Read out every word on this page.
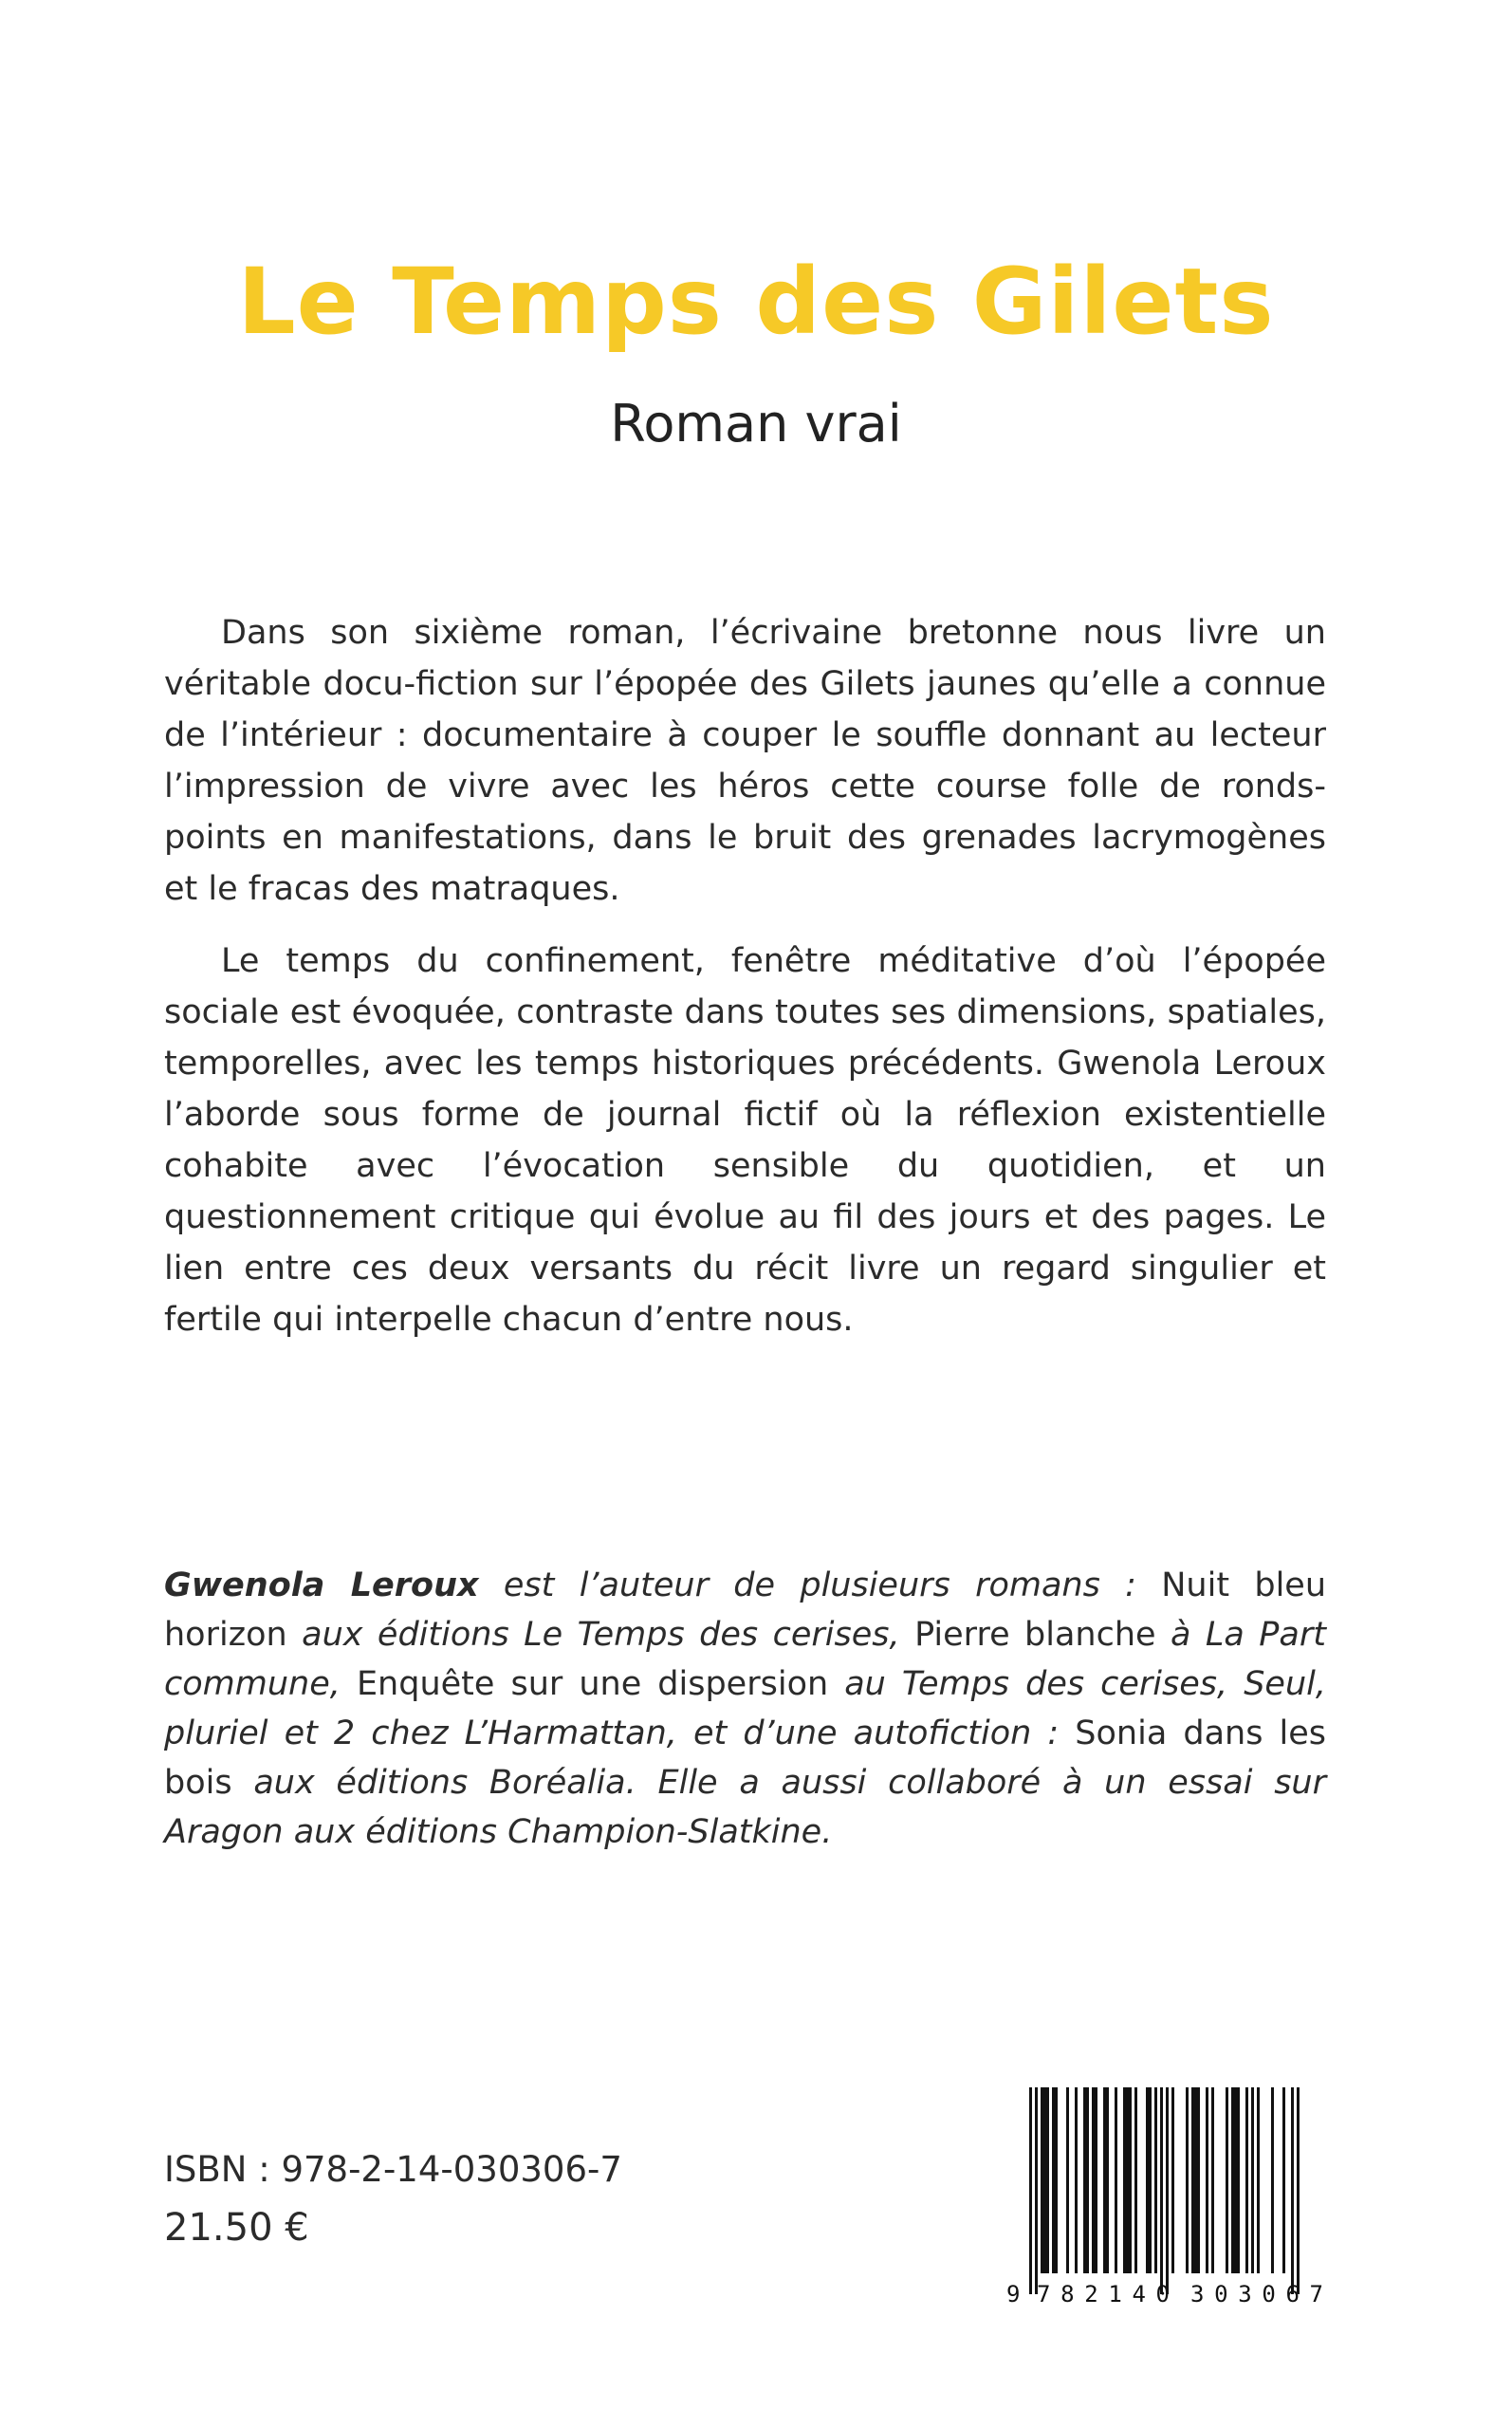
Le Temps des Gilets
Roman vrai

Dans son sixième roman, l’écrivaine bretonne nous livre un véritable docu-fiction sur l’épopée des Gilets jaunes qu’elle a connue de l’intérieur : documentaire à couper le souffle donnant au lecteur l’impression de vivre avec les héros cette course folle de ronds-points en manifestations, dans le bruit des grenades lacrymogènes et le fracas des matraques.

Le temps du confinement, fenêtre méditative d’où l’épopée sociale est évoquée, contraste dans toutes ses dimensions, spatiales, temporelles, avec les temps historiques précédents. Gwenola Leroux l’aborde sous forme de journal fictif où la réflexion existentielle cohabite avec l’évocation sensible du quotidien, et un questionnement critique qui évolue au fil des jours et des pages. Le lien entre ces deux versants du récit livre un regard singulier et fertile qui interpelle chacun d’entre nous.

Gwenola Leroux est l’auteur de plusieurs romans : Nuit bleu horizon aux éditions Le Temps des cerises, Pierre blanche à La Part commune, Enquête sur une dispersion au Temps des cerises, Seul, pluriel et 2 chez L’Harmattan, et d’une autofiction : Sonia dans les bois aux éditions Boréalia. Elle a aussi collaboré à un essai sur Aragon aux éditions Champion-Slatkine.

ISBN : 978-2-14-030306-7
21.50 €
9 782140 303067
